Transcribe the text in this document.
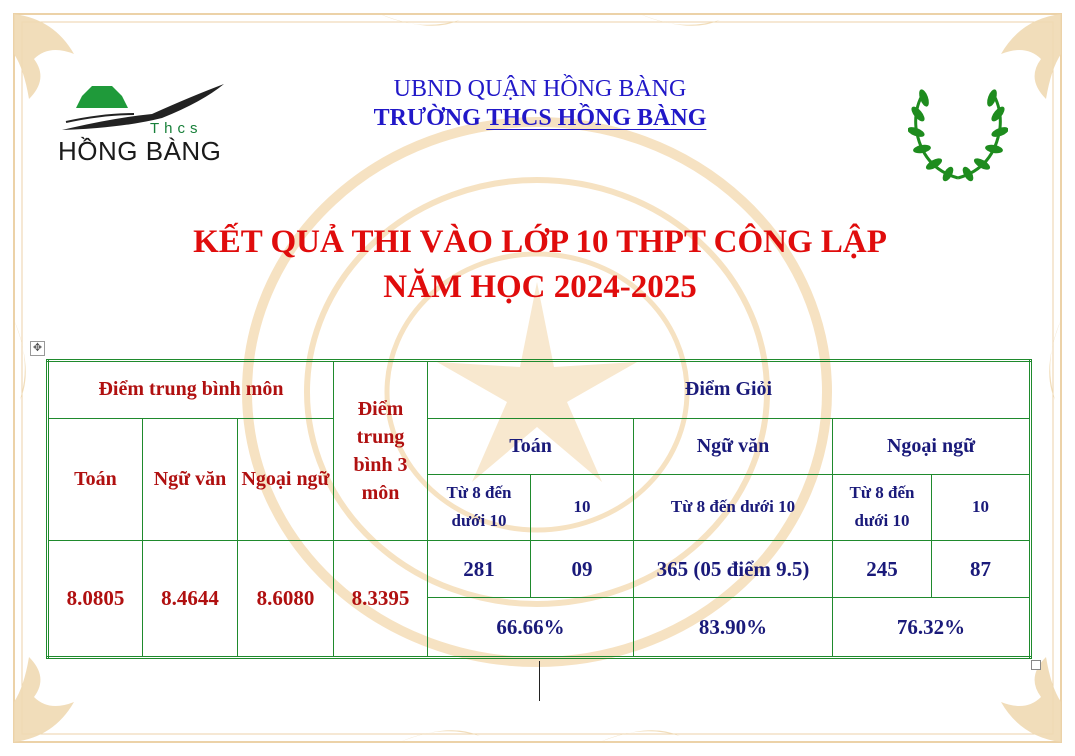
Thcs
HỒNG BÀNG
UBND QUẬN HỒNG BÀNG
TRƯỜNG THCS HỒNG BÀNG
KẾT QUẢ THI VÀO LỚP 10 THPT CÔNG LẬP
NĂM HỌC 2024-2025
✥
Điểm trung bình môn			Điểm trung bình 3 môn	Điểm Giỏi				
Toán	Ngữ văn	Ngoại ngữ		Toán		Ngữ văn	Ngoại ngữ	
				Từ 8 đến dưới 10	10	Từ 8 đến dưới 10	Từ 8 đến dưới 10	10
8.0805	8.4644	8.6080	8.3395	281	09	365 (05 điểm 9.5)	245	87
				66.66%		83.90%	76.32%	
